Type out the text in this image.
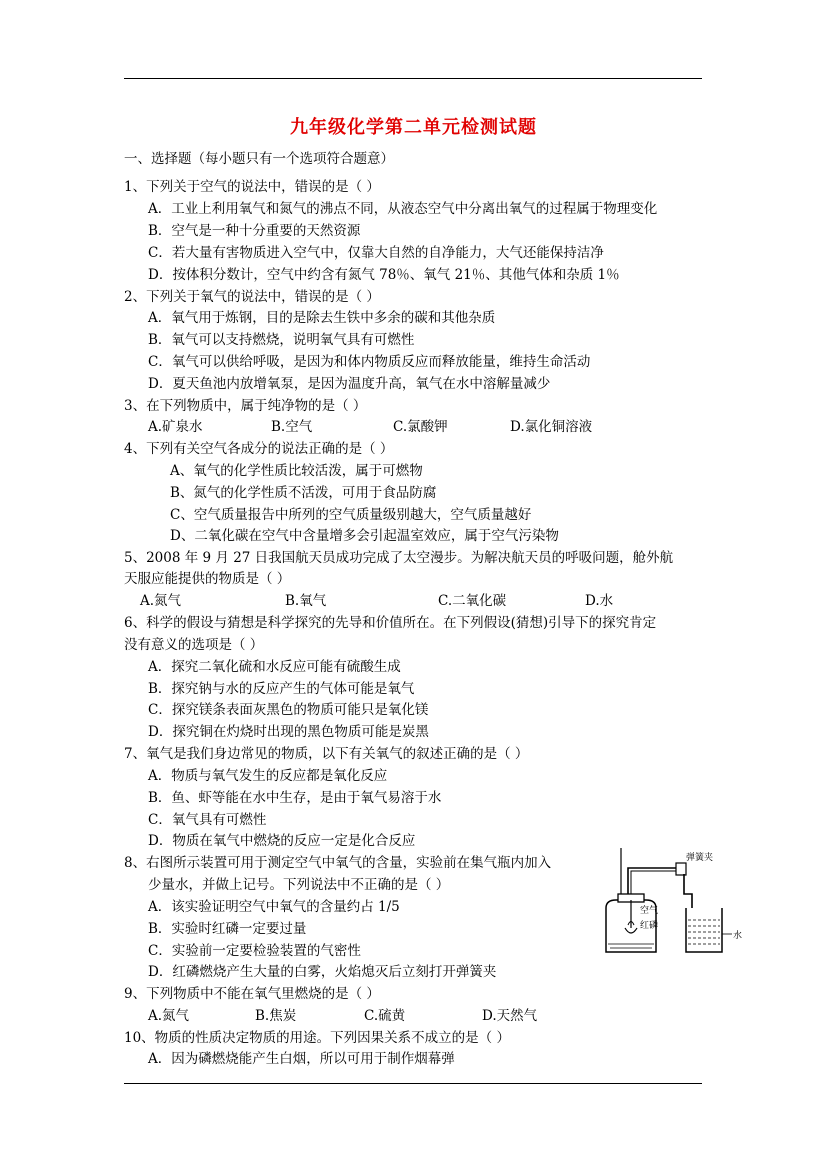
九年级化学第二单元检测试题
一、选择题（每小题只有一个选项符合题意）
1、下列关于空气的说法中，错误的是（ ）
A．工业上利用氧气和氮气的沸点不同，从液态空气中分离出氧气的过程属于物理变化
B．空气是一种十分重要的天然资源
C．若大量有害物质进入空气中，仅靠大自然的自净能力，大气还能保持洁净
D．按体积分数计，空气中约含有氮气 78％、氧气 21％、其他气体和杂质 1％
2、下列关于氧气的说法中，错误的是（ ）
A．氧气用于炼钢，目的是除去生铁中多余的碳和其他杂质
B．氧气可以支持燃烧，说明氧气具有可燃性
C．氧气可以供给呼吸，是因为和体内物质反应而释放能量，维持生命活动
D．夏天鱼池内放增氧泵，是因为温度升高，氧气在水中溶解量减少
3、在下列物质中，属于纯净物的是（ ）
A.矿泉水	B.空气	C.氯酸钾	D.氯化铜溶液
4、下列有关空气各成分的说法正确的是（ ）
A、氧气的化学性质比较活泼，属于可燃物
B、氮气的化学性质不活泼，可用于食品防腐
C、空气质量报告中所列的空气质量级别越大，空气质量越好
D、二氧化碳在空气中含量增多会引起温室效应，属于空气污染物
5、2008 年 9 月 27 日我国航天员成功完成了太空漫步。为解决航天员的呼吸问题，舱外航
天服应能提供的物质是（ ）
A.氮气	B.氧气	C.二氧化碳	D.水
6、科学的假设与猜想是科学探究的先导和价值所在。在下列假设(猜想)引导下的探究肯定
没有意义的选项是（ ）
A．探究二氧化硫和水反应可能有硫酸生成
B．探究钠与水的反应产生的气体可能是氧气
C．探究镁条表面灰黑色的物质可能只是氧化镁
D．探究铜在灼烧时出现的黑色物质可能是炭黑
7、氧气是我们身边常见的物质，以下有关氧气的叙述正确的是（ ）
A．物质与氧气发生的反应都是氧化反应
B．鱼、虾等能在水中生存，是由于氧气易溶于水
C．氧气具有可燃性
D．物质在氧气中燃烧的反应一定是化合反应
8、右图所示装置可用于测定空气中氧气的含量，实验前在集气瓶内加入
少量水，并做上记号。下列说法中不正确的是（ ）
A．该实验证明空气中氧气的含量约占 1/5
B．实验时红磷一定要过量
C．实验前一定要检验装置的气密性
D．红磷燃烧产生大量的白雾，火焰熄灭后立刻打开弹簧夹
弹簧夹
空气
红磷
水
9、下列物质中不能在氧气里燃烧的是（ ）
A.氮气	B.焦炭	C.硫黄	D.天然气
10、物质的性质决定物质的用途。下列因果关系不成立的是（ ）
A．因为磷燃烧能产生白烟，所以可用于制作烟幕弹
